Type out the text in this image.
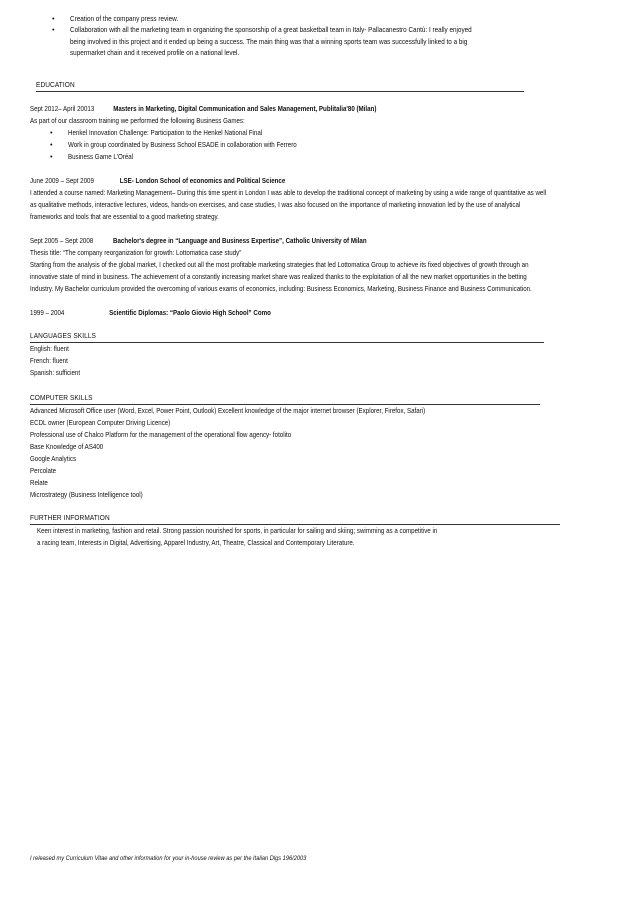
• Creation of the company press review.
• Collaboration with all the marketing team in organizing the sponsorship of a great basketball team in Italy- Pallacanestro Cantù: I really enjoyed
being involved in this project and it ended up being a success. The main thing was that a winning sports team was successfully linked to a big
supermarket chain and it received profile on a national level.
EDUCATION
Sept 2012– April 20013	Masters in Marketing, Digital Communication and Sales Management, Publitalia'80 (Milan)
As part of our classroom training we performed the following Business Games:
• Henkel Innovation Challenge: Participation to the Henkel National Final
• Work in group coordinated by Business School ESADE in collaboration with Ferrero
• Business Game L'Oréal
June 2009 – Sept 2009	LSE- London School of economics and Political Science
I attended a course named: Marketing Management– During this time spent in London I was able to develop the traditional concept of marketing by using a wide range of quantitative as well
as qualitative methods, interactive lectures, videos, hands-on exercises, and case studies, I was also focused on the importance of marketing innovation led by the use of analytical
frameworks and tools that are essential to a good marketing strategy.
Sept 2005 – Sept 2008	Bachelor's degree in “Language and Business Expertise”, Catholic University of Milan
Thesis title: “The company reorganization for growth: Lottomatica case study”
Starting from the analysis of the global market, I checked out all the most profitable marketing strategies that led Lottomatica Group to achieve its fixed objectives of growth through an
innovative state of mind in business. The achievement of a constantly increasing market share was realized thanks to the exploitation of all the new market opportunities in the betting
Industry. My Bachelor curriculum provided the overcoming of various exams of economics, including: Business Economics, Marketing, Business Finance and Business Communication.
1999 – 2004	Scientific Diplomas: “Paolo Giovio High School” Como
LANGUAGES SKILLS
English: fluent
French: fluent
Spanish: sufficient
COMPUTER SKILLS
Advanced Microsoft Office user (Word, Excel, Power Point, Outlook) Excellent knowledge of the major internet browser (Explorer, Firefox, Safari)
ECDL owner (European Computer Driving Licence)
Professional use of Chalco Platform for the management of the operational flow agency- fotolito
Base Knowledge of AS400
Google Analytics
Percolate
Relate
Microstrategy (Business Intelligence tool)
FURTHER INFORMATION
Keen interest in marketing, fashion and retail. Strong passion nourished for sports, in particular for sailing and skiing; swimming as a competitive in
a racing team, Interests in Digital, Advertising, Apparel Industry, Art, Theatre, Classical and Contemporary Literature.
I released my Curriculum Vitae and other information for your in-house review as per the Italian Dlgs 196/2003
